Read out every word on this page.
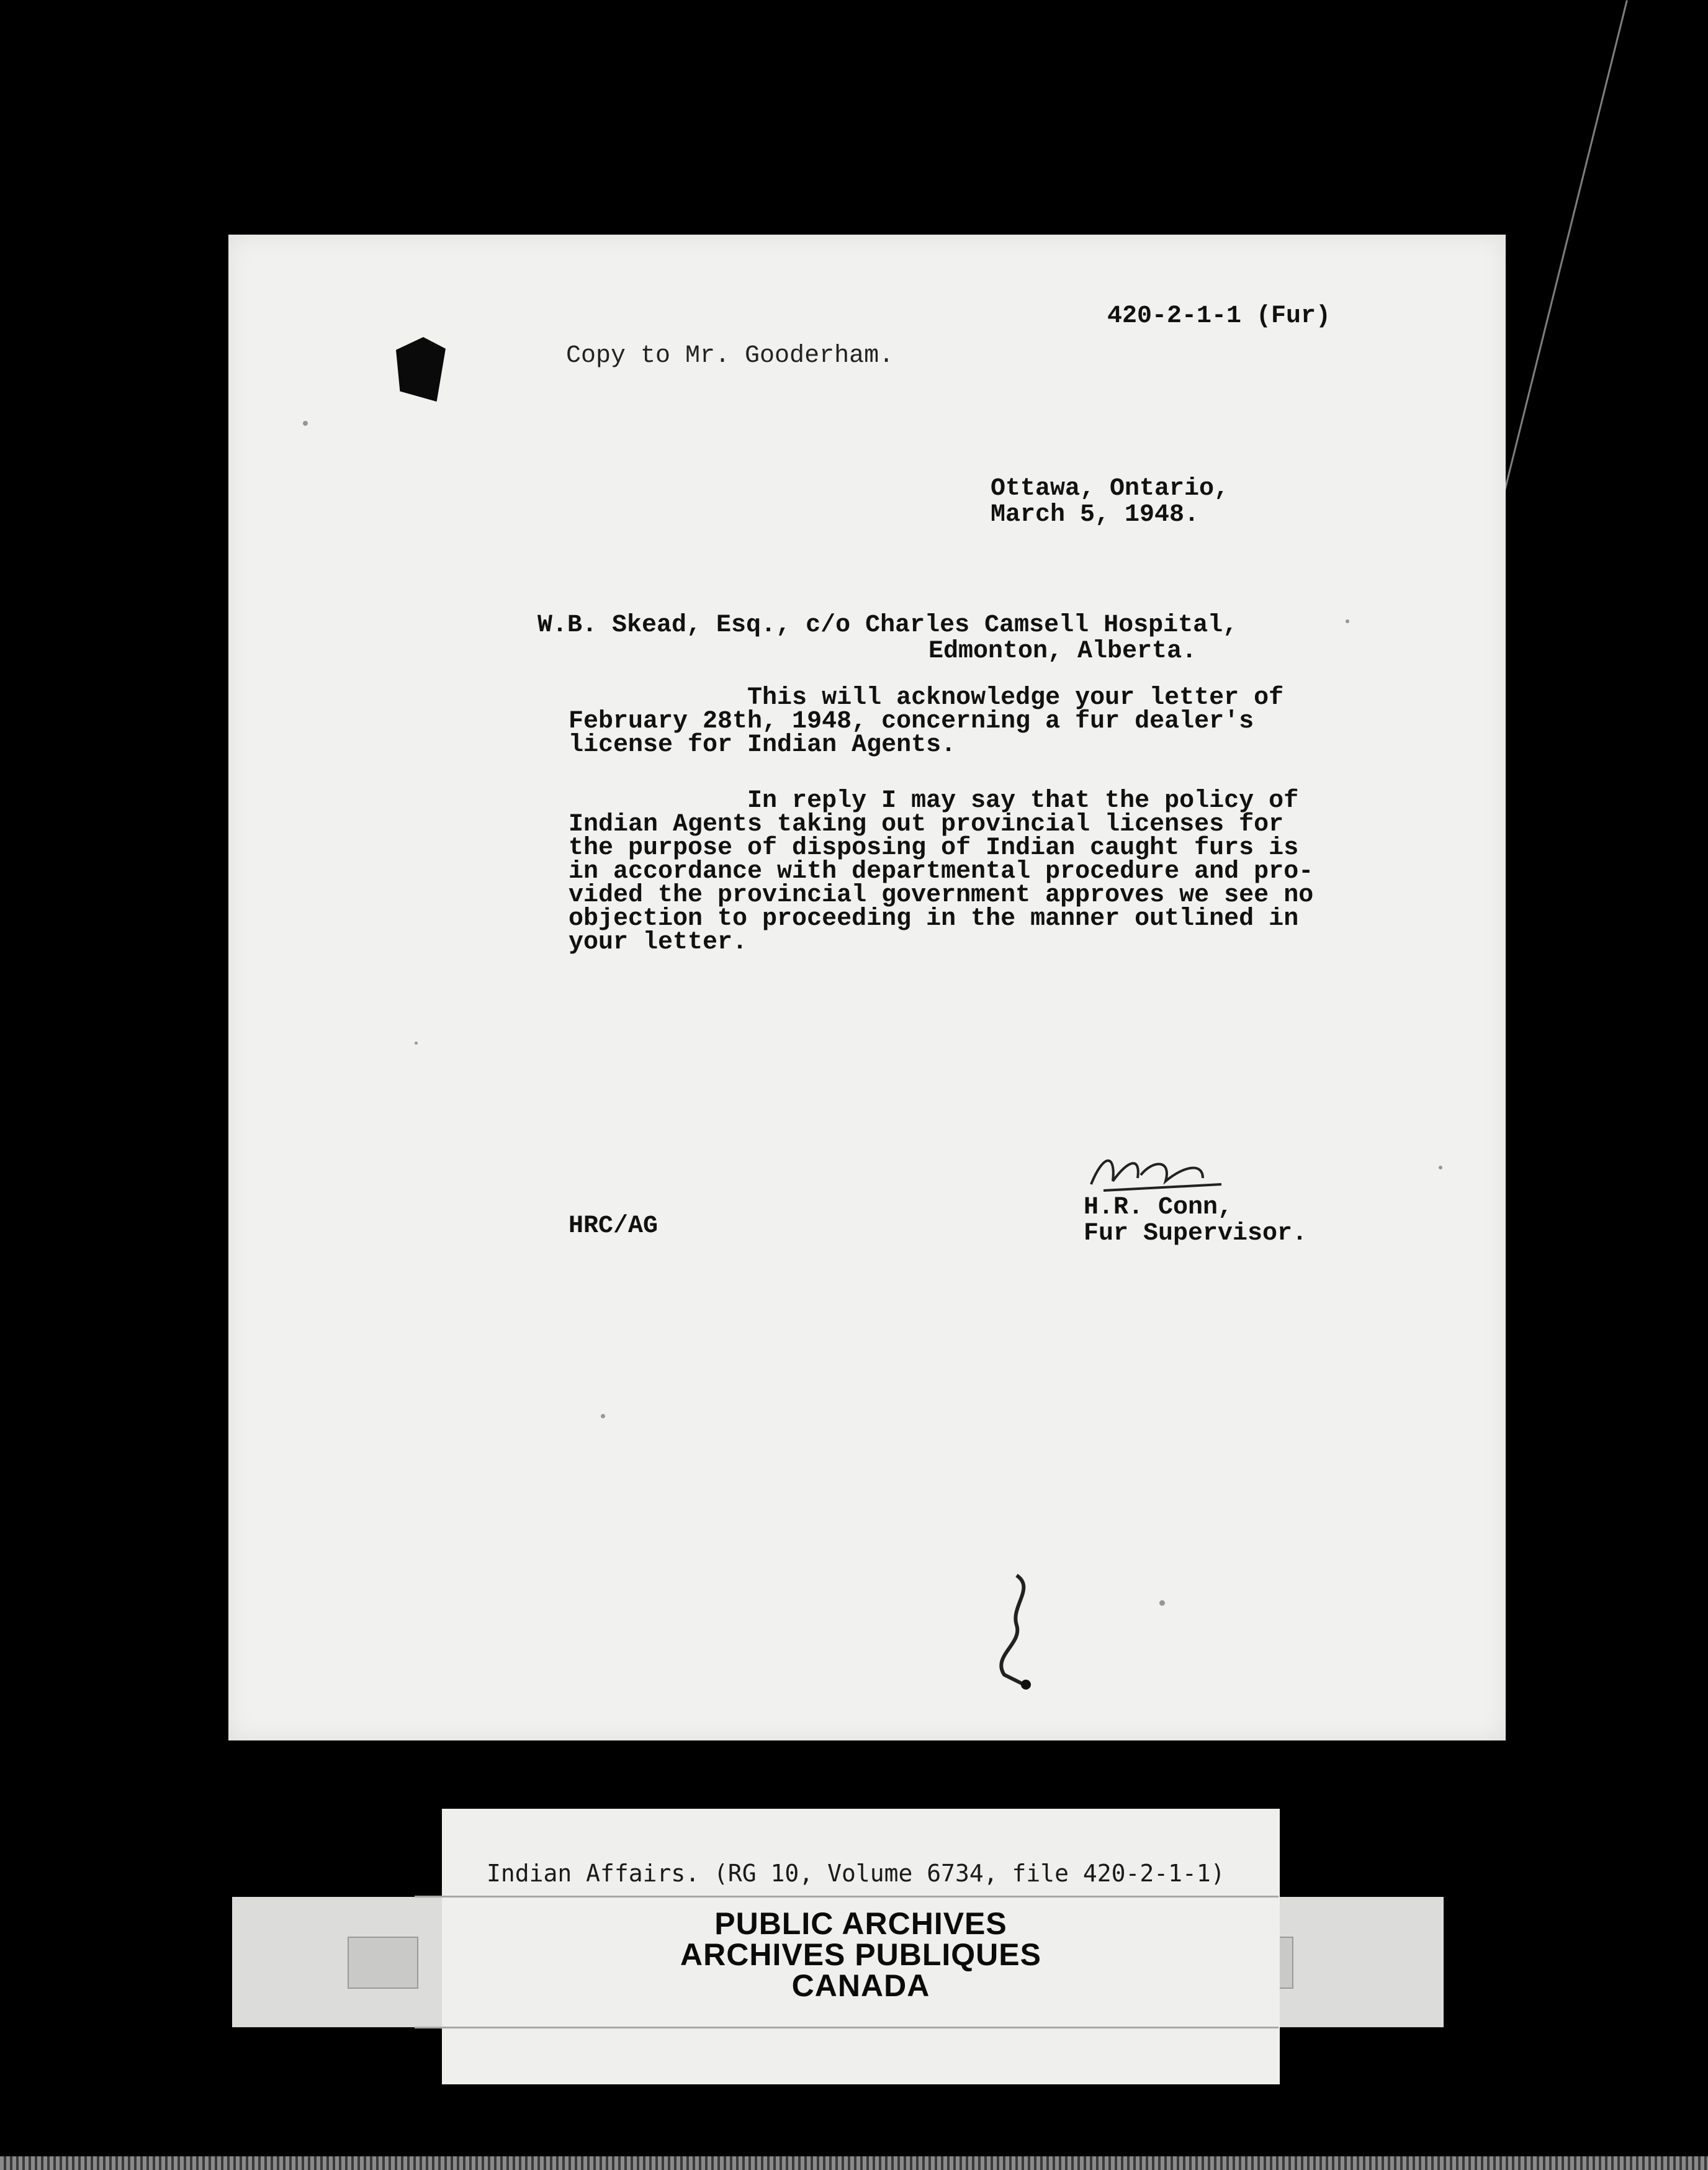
420-2-1-1 (Fur)

Copy to Mr. Gooderham.

Ottawa, Ontario,

March 5, 1948.

W.B. Skead, Esq., c/o Charles Camsell Hospital,

Edmonton, Alberta.

This will acknowledge your letter of

February 28th, 1948, concerning a fur dealer's

license for Indian Agents.

In reply I may say that the policy of

Indian Agents taking out provincial licenses for

the purpose of disposing of Indian caught furs is

in accordance with departmental procedure and pro-

vided the provincial government approves we see no

objection to proceeding in the manner outlined in

your letter.

H.R. Conn,

Fur Supervisor.

HRC/AG

Indian Affairs. (RG 10, Volume 6734, file 420-2-1-1)
PUBLIC ARCHIVES
ARCHIVES PUBLIQUES
CANADA
